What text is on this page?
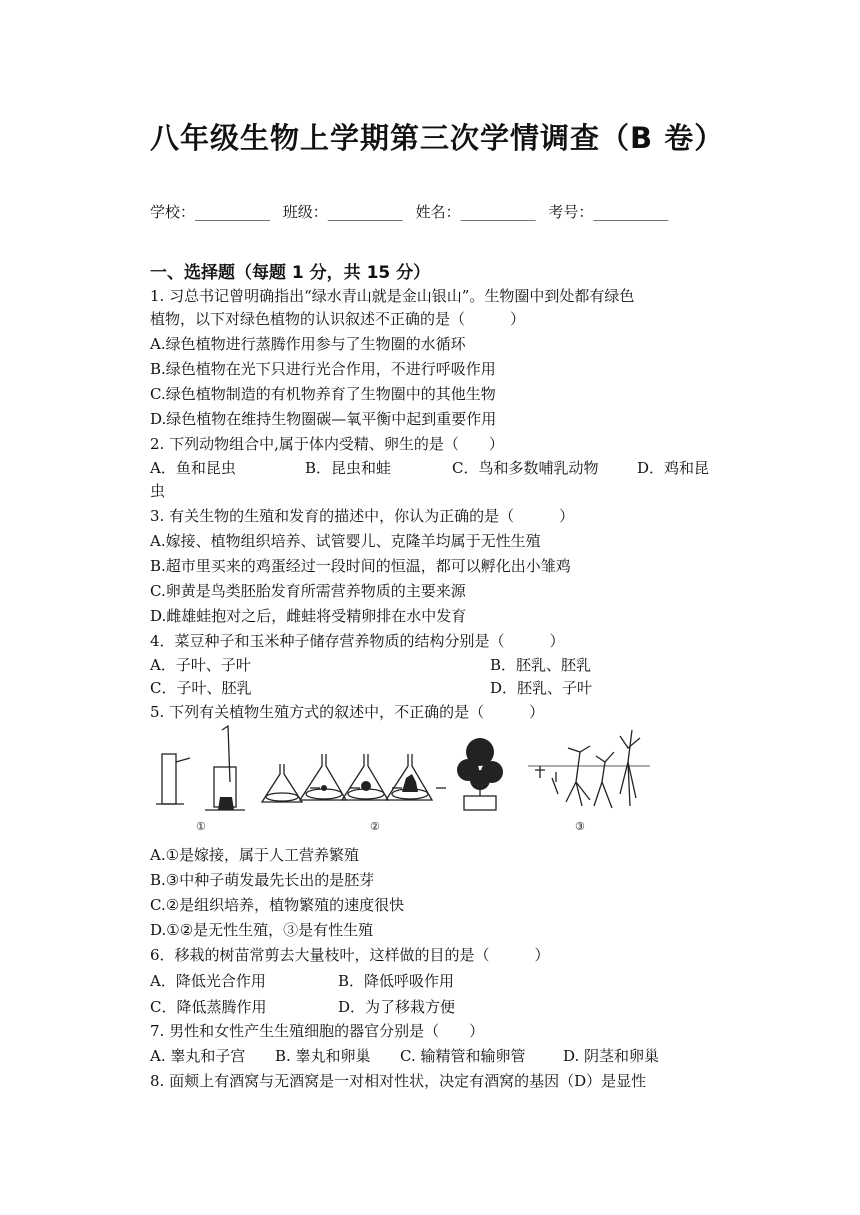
八年级生物上学期第三次学情调查（B 卷）
学校：__________ 班级：__________ 姓名：__________ 考号：__________
一、选择题（每题 1 分，共 15 分）
1. 习总书记曾明确指出“绿水青山就是金山银山”。生物圈中到处都有绿色
植物，以下对绿色植物的认识叙述不正确的是（　　　）
A.绿色植物进行蒸腾作用参与了生物圈的水循环
B.绿色植物在光下只进行光合作用，不进行呼吸作用
C.绿色植物制造的有机物养育了生物圈中的其他生物
D.绿色植物在维持生物圈碳—氧平衡中起到重要作用
2. 下列动物组合中,属于体内受精、卵生的是（　　）
A．鱼和昆虫	B．昆虫和蛙	C．鸟和多数哺乳动物	D．鸡和昆
虫
3. 有关生物的生殖和发育的描述中，你认为正确的是（　　　）
A.嫁接、植物组织培养、试管婴儿、克隆羊均属于无性生殖
B.超市里买来的鸡蛋经过一段时间的恒温，都可以孵化出小雏鸡
C.卵黄是鸟类胚胎发育所需营养物质的主要来源
D.雌雄蛙抱对之后，雌蛙将受精卵排在水中发育
4．菜豆种子和玉米种子储存营养物质的结构分别是（　　　）
A．子叶、子叶	B．胚乳、胚乳
C．子叶、胚乳	D．胚乳、子叶
5. 下列有关植物生殖方式的叙述中，不正确的是（　　　）
①	②	③
A.①是嫁接，属于人工营养繁殖
B.③中种子萌发最先长出的是胚芽
C.②是组织培养，植物繁殖的速度很快
D.①②是无性生殖，③是有性生殖
6．移栽的树苗常剪去大量枝叶，这样做的目的是（　　　）
A．降低光合作用	B．降低呼吸作用
C．降低蒸腾作用	D．为了移栽方便
7. 男性和女性产生生殖细胞的器官分别是（　　）
A. 睾丸和子宫 B. 睾丸和卵巢 C. 输精管和输卵管	D. 阴茎和卵巢
8. 面颊上有酒窝与无酒窝是一对相对性状，决定有酒窝的基因（D）是显性
